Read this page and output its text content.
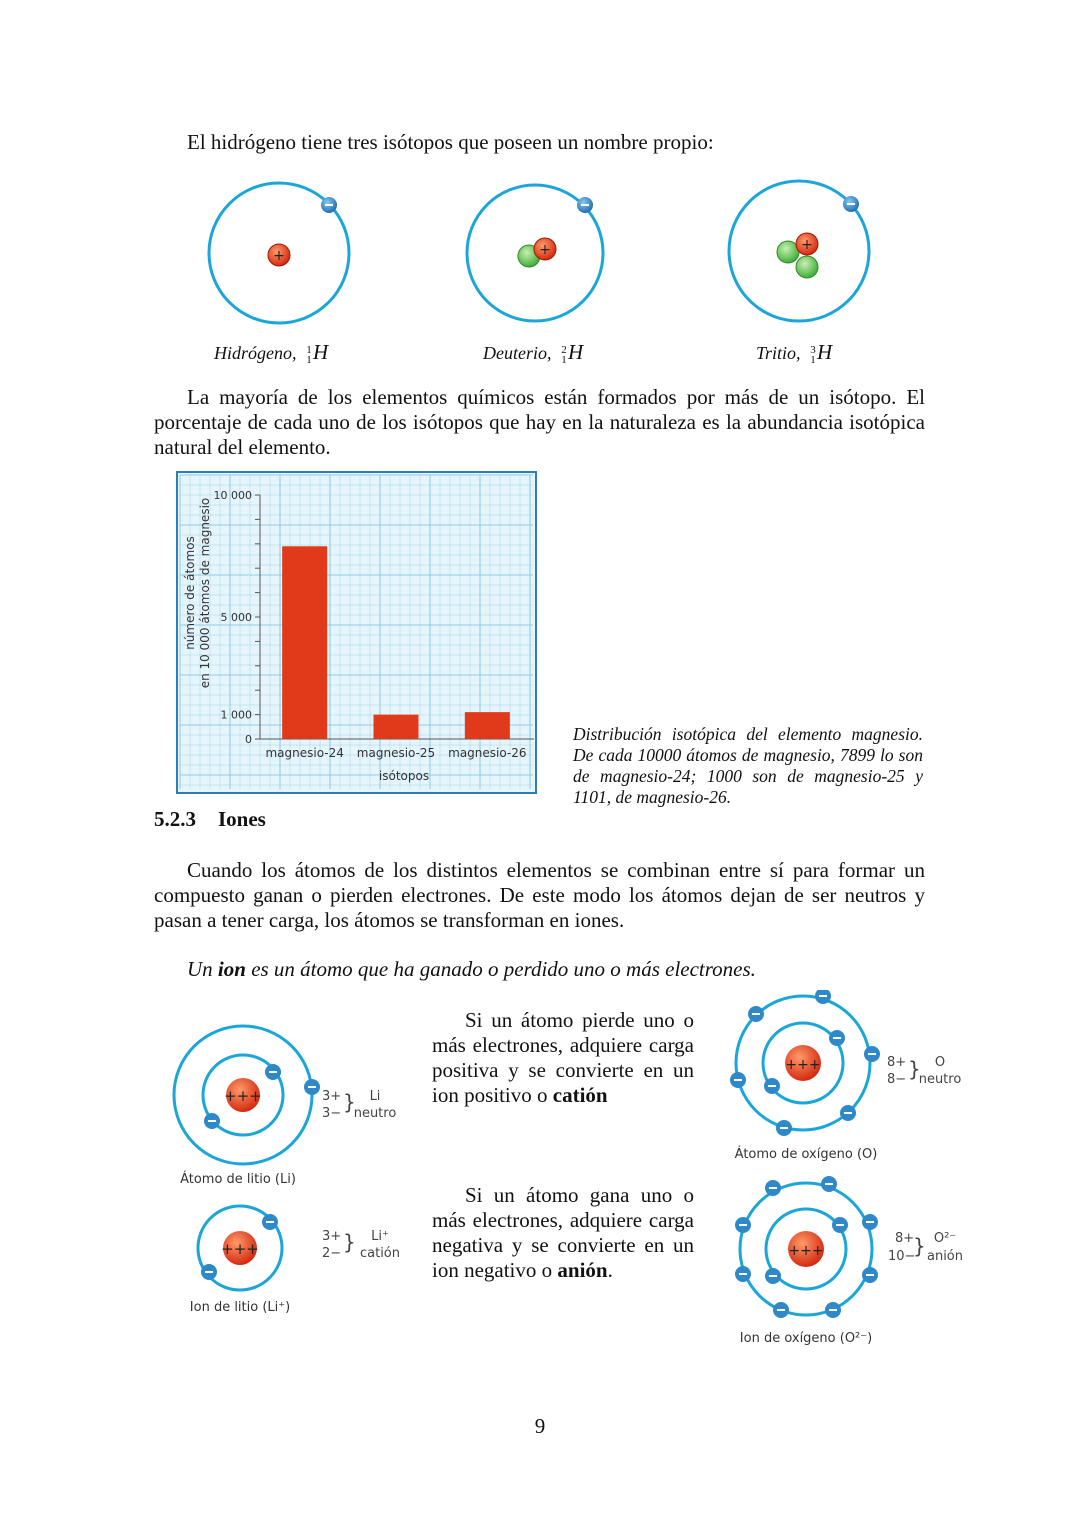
El hidrógeno tiene tres isótopos que poseen un nombre propio:
+	+	+
Hidrógeno, 1
1 H	Deuterio, 2
1 H	Tritio, 3
1 H
La mayoría de los elementos químicos están formados por más de un isótopo. El porcentaje de cada uno de los isótopos que hay en la naturaleza es la abundancia isotópica natural del elemento.
0
1 000
5 000
10 000
magnesio-24 magnesio-25 magnesio-26
número de átomos en 10 000 átomos de magnesio
isótopos
Distribución isotópica del elemento magnesio. De cada 10000 átomos de magnesio, 7899 lo son de magnesio-24; 1000 son de magnesio-25 y 1101, de magnesio-26.
5.2.3 Iones
Cuando los átomos de los distintos elementos se combinan entre sí para formar un compuesto ganan o pierden electrones. De este modo los átomos dejan de ser neutros y pasan a tener carga, los átomos se transforman en iones.
Un ion es un átomo que ha ganado o perdido uno o más electrones.
Si un átomo pierde uno o más electrones, adquiere carga positiva y se convierte en un ion positivo o catión
Si un átomo gana uno o más electrones, adquiere carga negativa y se convierte en un ion negativo o anión.
+++	3+
3− } Li
neutro
Átomo de litio (Li)
+++
3+
2− } Li⁺
catión
Ion de litio (Li⁺)
+++	8+
8− } O
neutro
Átomo de oxígeno (O)
+++
8+
10−
} O²⁻
anión
Ion de oxígeno (O²⁻)
9
